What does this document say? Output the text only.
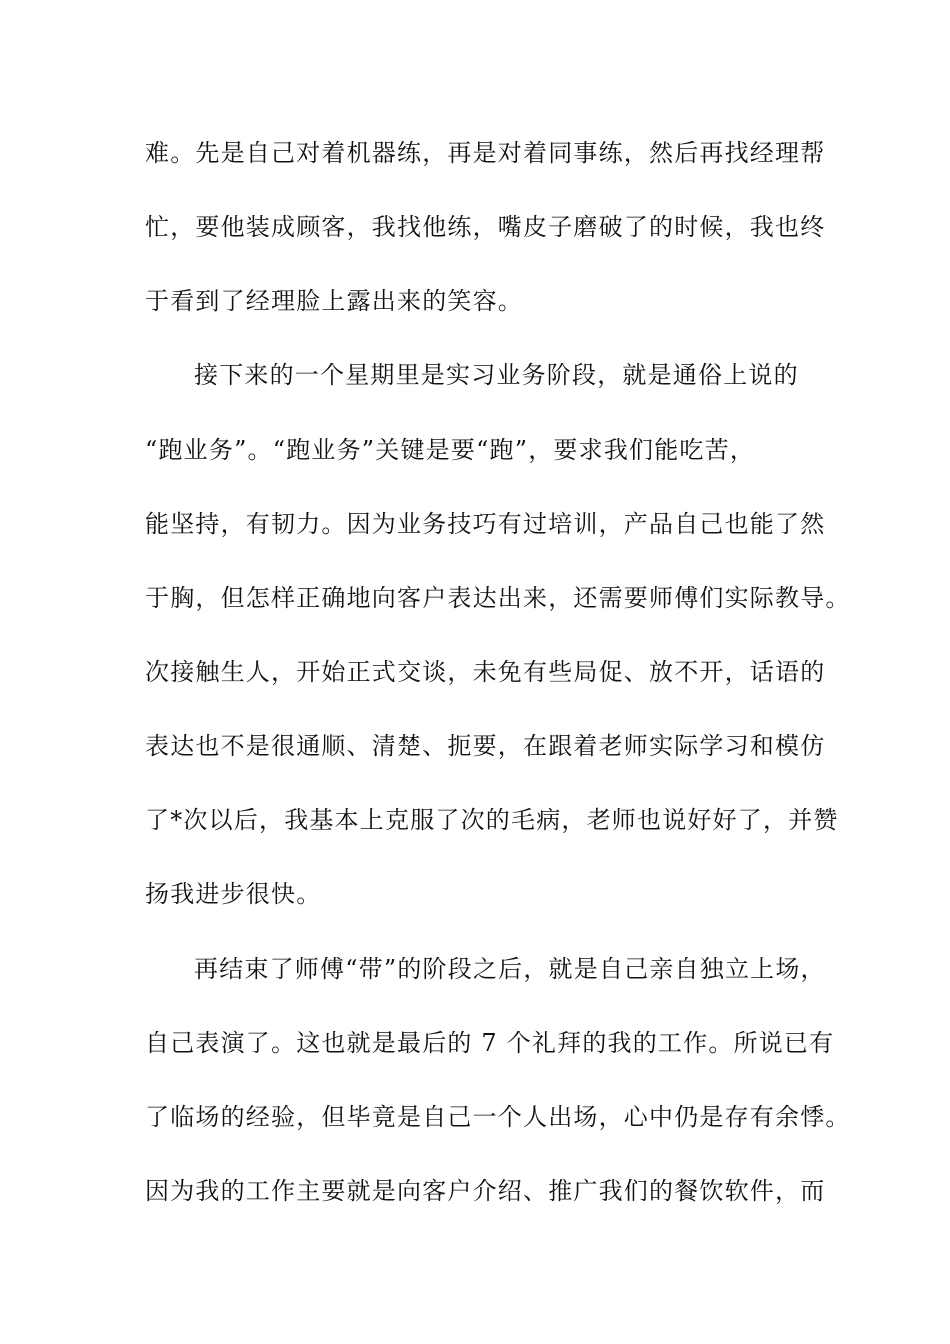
难。先是自己对着机器练，再是对着同事练，然后再找经理帮
忙，要他装成顾客，我找他练，嘴皮子磨破了的时候，我也终
于看到了经理脸上露出来的笑容。
接下来的一个星期里是实习业务阶段，就是通俗上说的
“跑业务”。“跑业务”关键是要“跑”，要求我们能吃苦，
能坚持，有韧力。因为业务技巧有过培训，产品自己也能了然
于胸，但怎样正确地向客户表达出来，还需要师傅们实际教导。
次接触生人，开始正式交谈，未免有些局促、放不开，话语的
表达也不是很通顺、清楚、扼要，在跟着老师实际学习和模仿
了*次以后，我基本上克服了次的毛病，老师也说好好了，并赞
扬我进步很快。
再结束了师傅“带”的阶段之后，就是自己亲自独立上场，
自己表演了。这也就是最后的 7 个礼拜的我的工作。所说已有
了临场的经验，但毕竟是自己一个人出场，心中仍是存有余悸。
因为我的工作主要就是向客户介绍、推广我们的餐饮软件，而
